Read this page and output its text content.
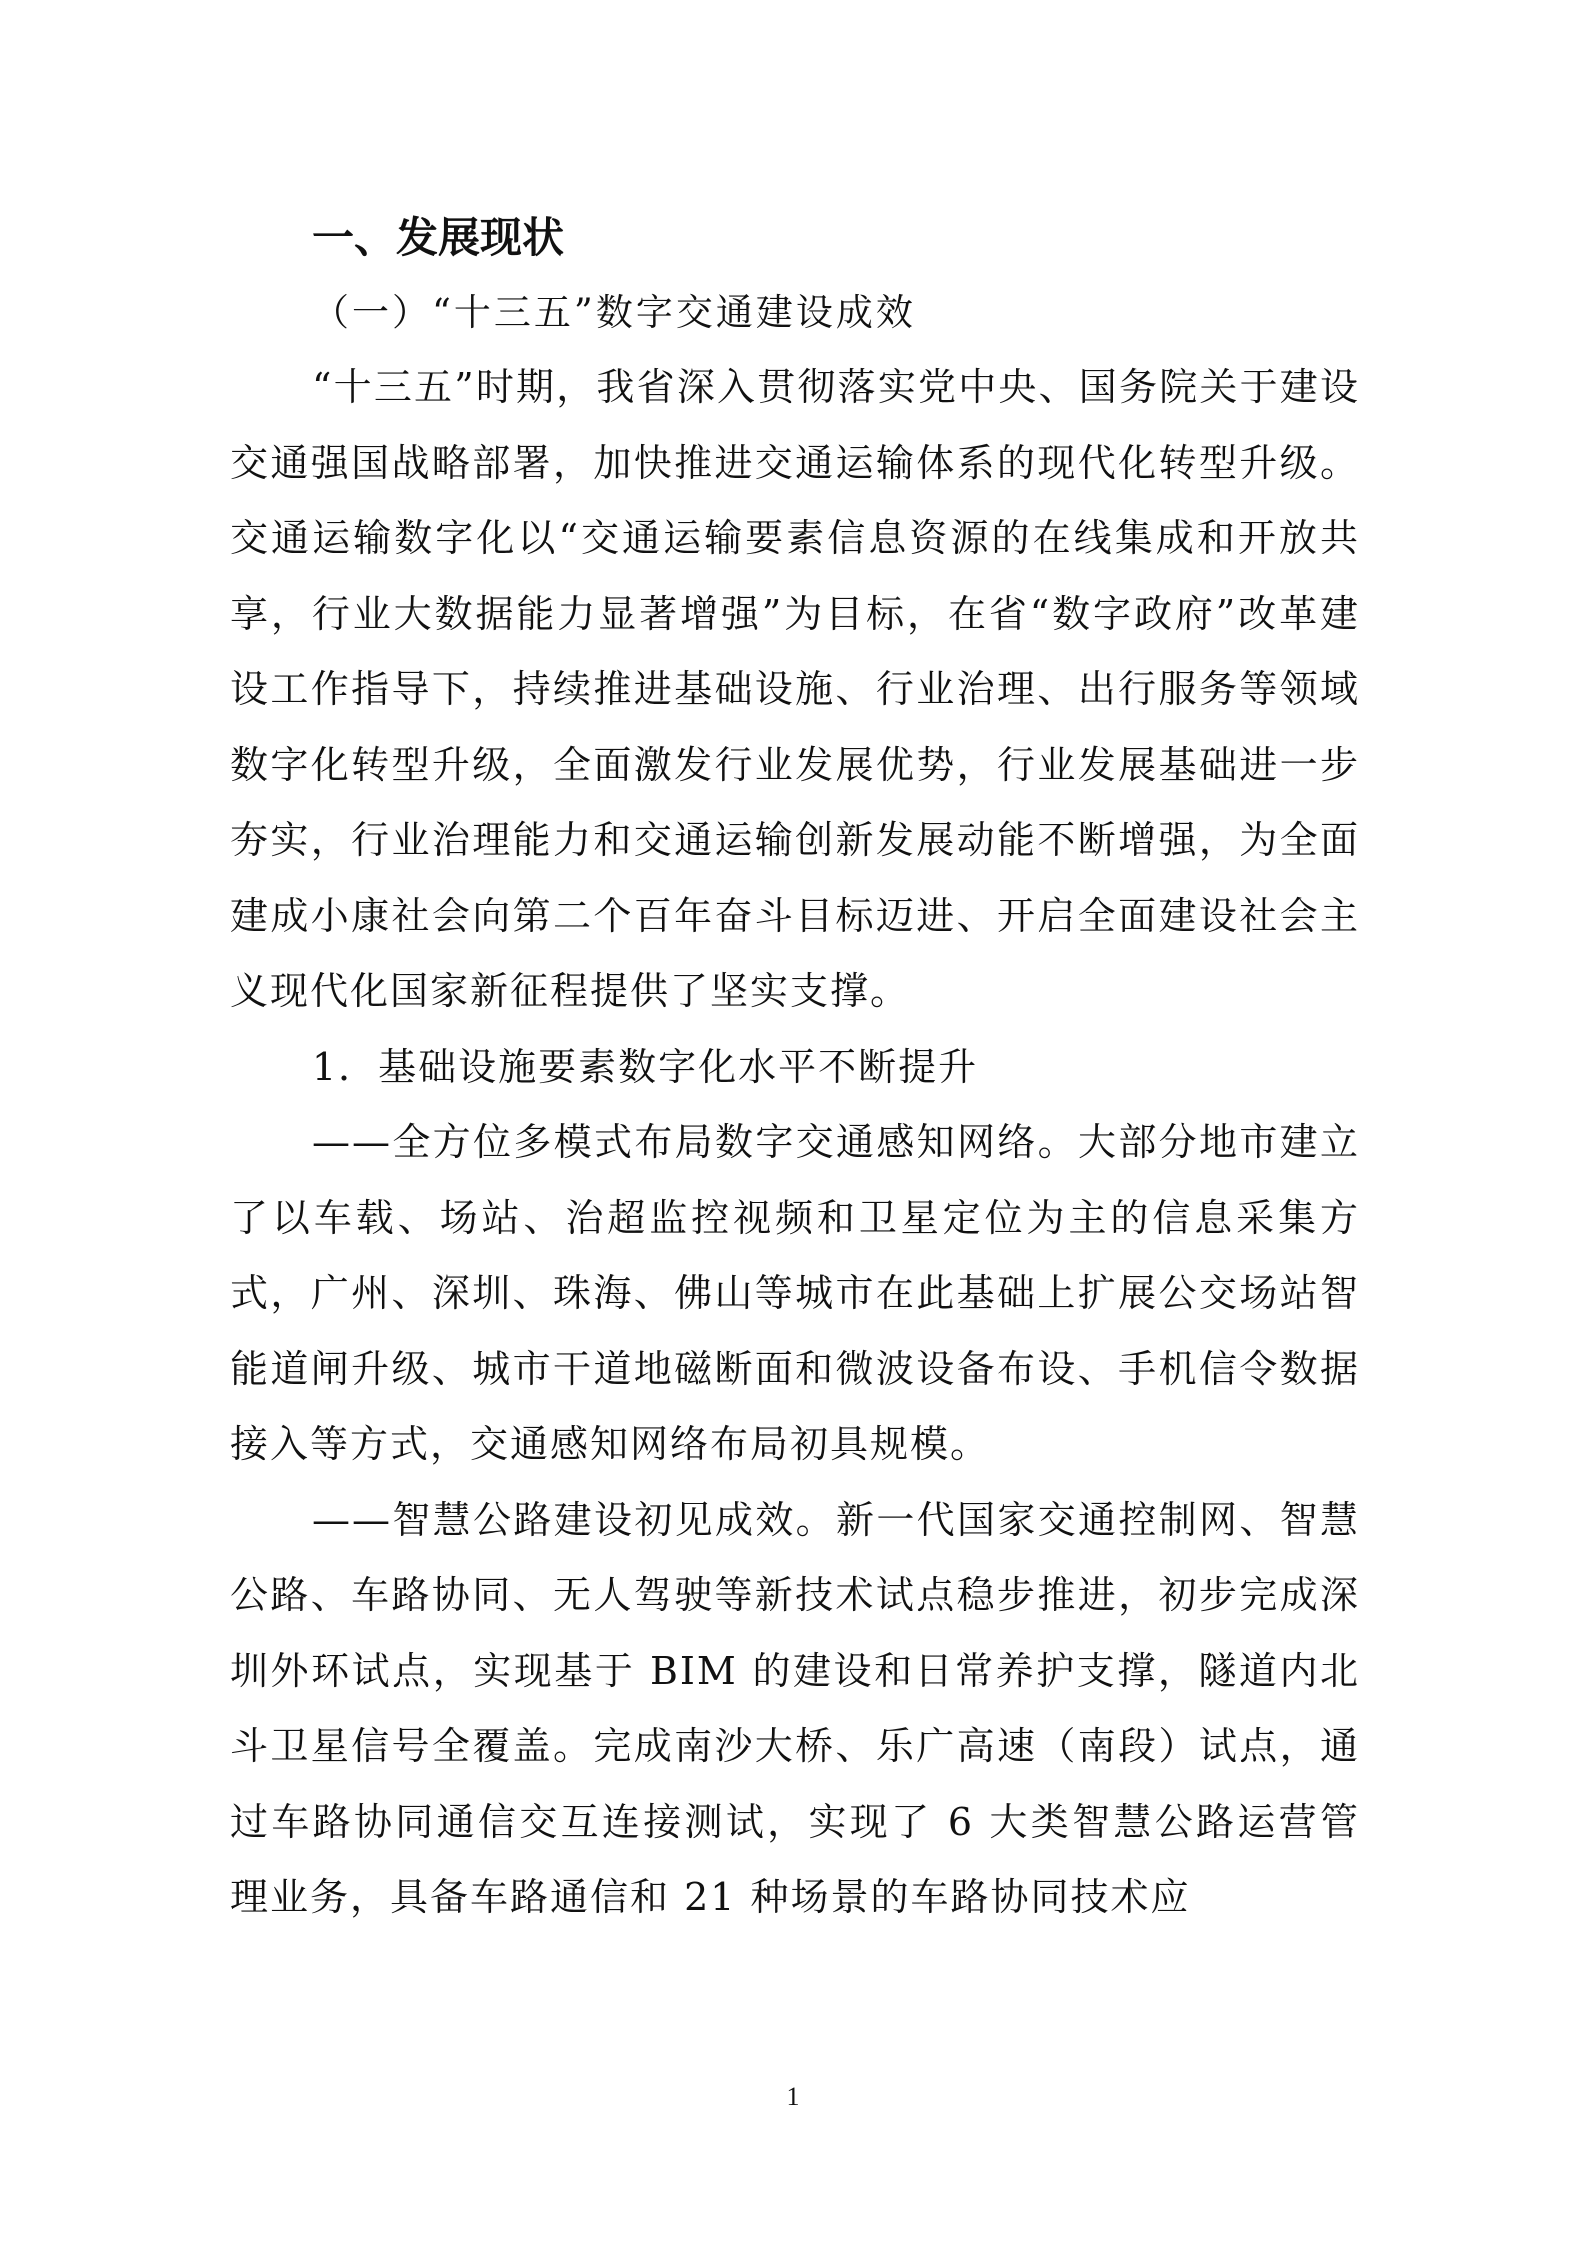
一、发展现状
（一）“十三五”数字交通建设成效

“十三五”时期，我省深入贯彻落实党中央、国务院关于建设交通强国战略部署，加快推进交通运输体系的现代化转型升级。交通运输数字化以“交通运输要素信息资源的在线集成和开放共享，行业大数据能力显著增强”为目标，在省“数字政府”改革建设工作指导下，持续推进基础设施、行业治理、出行服务等领域数字化转型升级，全面激发行业发展优势，行业发展基础进一步夯实，行业治理能力和交通运输创新发展动能不断增强，为全面建成小康社会向第二个百年奋斗目标迈进、开启全面建设社会主义现代化国家新征程提供了坚实支撑。

1．基础设施要素数字化水平不断提升

——全方位多模式布局数字交通感知网络。大部分地市建立了以车载、场站、治超监控视频和卫星定位为主的信息采集方式，广州、深圳、珠海、佛山等城市在此基础上扩展公交场站智能道闸升级、城市干道地磁断面和微波设备布设、手机信令数据接入等方式，交通感知网络布局初具规模。

——智慧公路建设初见成效。新一代国家交通控制网、智慧公路、车路协同、无人驾驶等新技术试点稳步推进，初步完成深圳外环试点，实现基于 BIM 的建设和日常养护支撑，隧道内北斗卫星信号全覆盖。完成南沙大桥、乐广高速（南段）试点，通过车路协同通信交互连接测试，实现了 6 大类智慧公路运营管理业务，具备车路通信和 21 种场景的车路协同技术应

1
